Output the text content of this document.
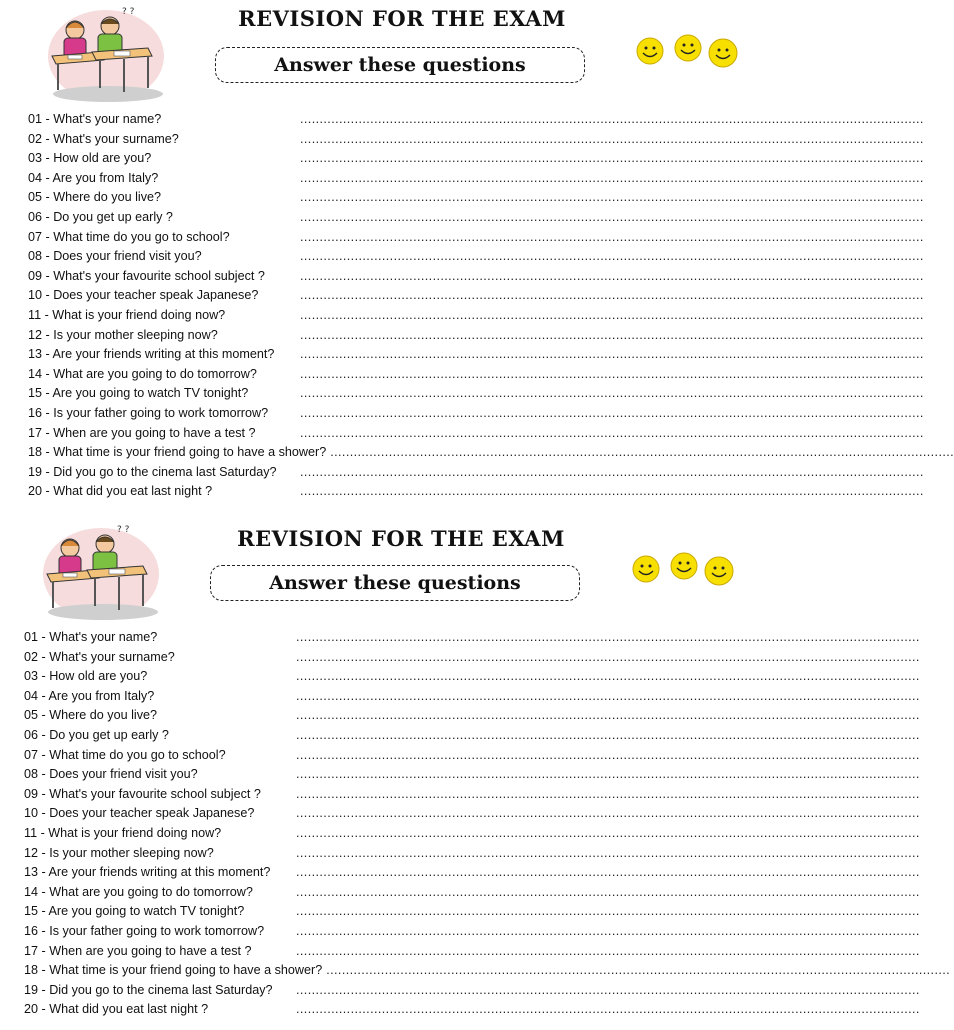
? ?	REVISION FOR THE EXAM
Answer these questions
01 - What's your name?	................................................................................................................................................................
02 - What's your surname?	................................................................................................................................................................
03 - How old are you?	................................................................................................................................................................
04 - Are you from Italy?	................................................................................................................................................................
05 - Where do you live?	................................................................................................................................................................
06 - Do you get up early ?	................................................................................................................................................................
07 - What time do you go to school?	................................................................................................................................................................
08 - Does your friend visit you?	................................................................................................................................................................
09 - What's your favourite school subject ?	................................................................................................................................................................
10 - Does your teacher speak Japanese?	................................................................................................................................................................
11 - What is your friend doing now?	................................................................................................................................................................
12 - Is your mother sleeping now?	................................................................................................................................................................
13 - Are your friends writing at this moment?	................................................................................................................................................................
14 - What are you going to do tomorrow?	................................................................................................................................................................
15 - Are you going to watch TV tonight?	................................................................................................................................................................
16 - Is your father going to work tomorrow?	................................................................................................................................................................
17 - When are you going to have a test ?	................................................................................................................................................................
18 - What time is your friend going to have a shower? ................................................................................................................................................................
19 - Did you go to the cinema last Saturday?	................................................................................................................................................................
20 - What did you eat last night ?	................................................................................................................................................................
? ?	REVISION FOR THE EXAM
Answer these questions
01 - What's your name?	................................................................................................................................................................
02 - What's your surname?	................................................................................................................................................................
03 - How old are you?	................................................................................................................................................................
04 - Are you from Italy?	................................................................................................................................................................
05 - Where do you live?	................................................................................................................................................................
06 - Do you get up early ?	................................................................................................................................................................
07 - What time do you go to school?	................................................................................................................................................................
08 - Does your friend visit you?	................................................................................................................................................................
09 - What's your favourite school subject ?	................................................................................................................................................................
10 - Does your teacher speak Japanese?	................................................................................................................................................................
11 - What is your friend doing now?	................................................................................................................................................................
12 - Is your mother sleeping now?	................................................................................................................................................................
13 - Are your friends writing at this moment?	................................................................................................................................................................
14 - What are you going to do tomorrow?	................................................................................................................................................................
15 - Are you going to watch TV tonight?	................................................................................................................................................................
16 - Is your father going to work tomorrow?	................................................................................................................................................................
17 - When are you going to have a test ?	................................................................................................................................................................
18 - What time is your friend going to have a shower? ................................................................................................................................................................
19 - Did you go to the cinema last Saturday?	................................................................................................................................................................
20 - What did you eat last night ?	................................................................................................................................................................
